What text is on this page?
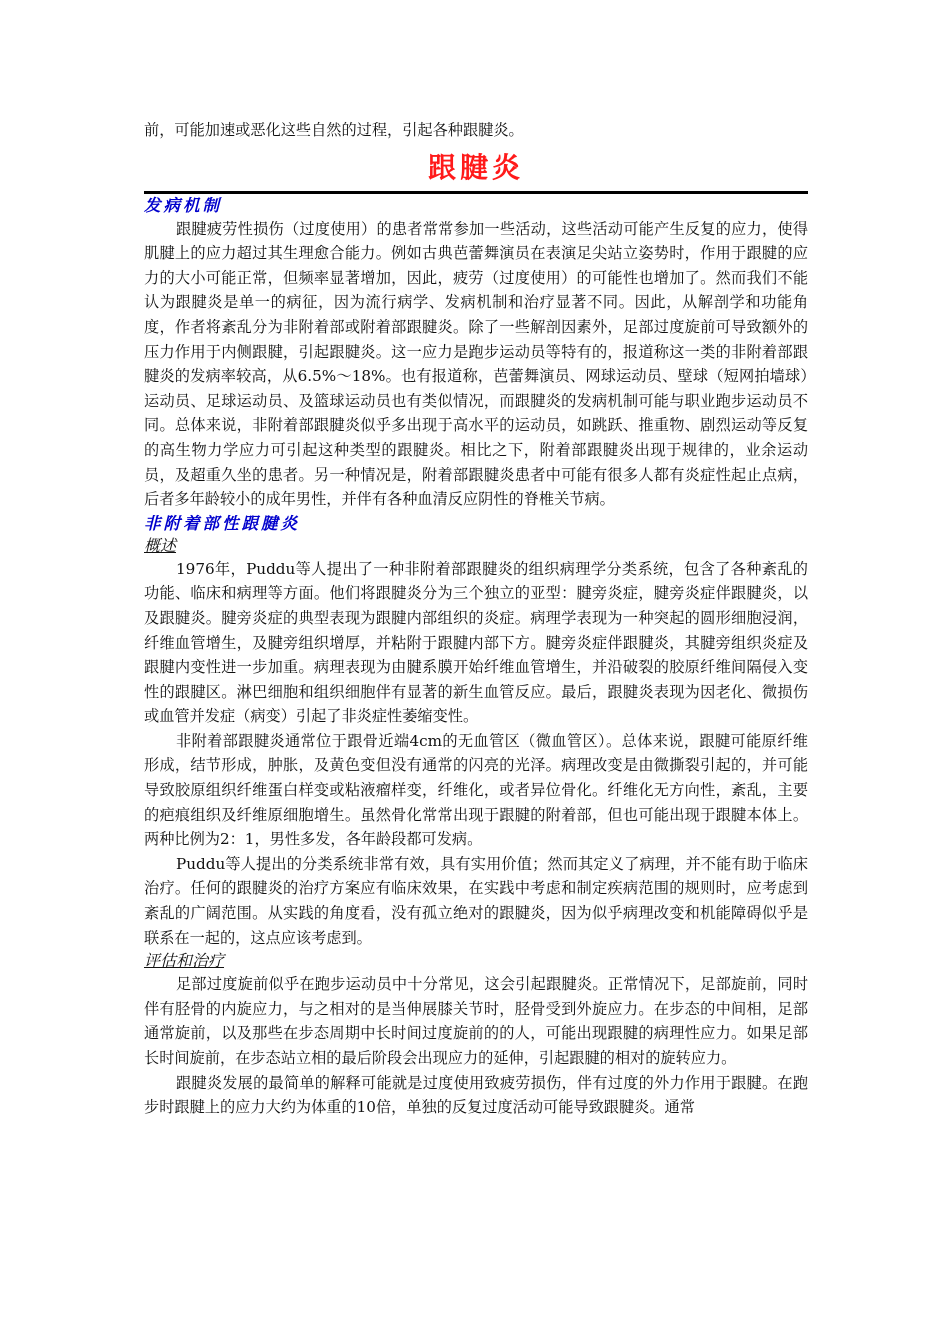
前，可能加速或恶化这些自然的过程，引起各种跟腱炎。

跟腱炎
发病机制

跟腱疲劳性损伤（过度使用）的患者常常参加一些活动，这些活动可能产生反复的应力，使得肌腱上的应力超过其生理愈合能力。例如古典芭蕾舞演员在表演足尖站立姿势时，作用于跟腱的应力的大小可能正常，但频率显著增加，因此，疲劳（过度使用）的可能性也增加了。然而我们不能认为跟腱炎是单一的病征，因为流行病学、发病机制和治疗显著不同。因此，从解剖学和功能角度，作者将紊乱分为非附着部或附着部跟腱炎。除了一些解剖因素外，足部过度旋前可导致额外的压力作用于内侧跟腱，引起跟腱炎。这一应力是跑步运动员等特有的，报道称这一类的非附着部跟腱炎的发病率较高，从6.5%～18%。也有报道称，芭蕾舞演员、网球运动员、壁球（短网拍墙球）运动员、足球运动员、及篮球运动员也有类似情况，而跟腱炎的发病机制可能与职业跑步运动员不同。总体来说，非附着部跟腱炎似乎多出现于高水平的运动员，如跳跃、推重物、剧烈运动等反复的高生物力学应力可引起这种类型的跟腱炎。相比之下，附着部跟腱炎出现于规律的，业余运动员，及超重久坐的患者。另一种情况是，附着部跟腱炎患者中可能有很多人都有炎症性起止点病，后者多年龄较小的成年男性，并伴有各种血清反应阴性的脊椎关节病。

非附着部性跟腱炎
概述

1976年，Puddu等人提出了一种非附着部跟腱炎的组织病理学分类系统，包含了各种紊乱的功能、临床和病理等方面。他们将跟腱炎分为三个独立的亚型：腱旁炎症，腱旁炎症伴跟腱炎，以及跟腱炎。腱旁炎症的典型表现为跟腱内部组织的炎症。病理学表现为一种突起的圆形细胞浸润，纤维血管增生，及腱旁组织增厚，并粘附于跟腱内部下方。腱旁炎症伴跟腱炎，其腱旁组织炎症及跟腱内变性进一步加重。病理表现为由腱系膜开始纤维血管增生，并沿破裂的胶原纤维间隔侵入变性的跟腱区。淋巴细胞和组织细胞伴有显著的新生血管反应。最后，跟腱炎表现为因老化、微损伤或血管并发症（病变）引起了非炎症性萎缩变性。

非附着部跟腱炎通常位于跟骨近端4cm的无血管区（微血管区）。总体来说，跟腱可能原纤维形成，结节形成，肿胀，及黄色变但没有通常的闪亮的光泽。病理改变是由微撕裂引起的，并可能导致胶原组织纤维蛋白样变或粘液瘤样变，纤维化，或者异位骨化。纤维化无方向性，紊乱，主要的疤痕组织及纤维原细胞增生。虽然骨化常常出现于跟腱的附着部，但也可能出现于跟腱本体上。两种比例为2：1，男性多发，各年龄段都可发病。

Puddu等人提出的分类系统非常有效，具有实用价值；然而其定义了病理，并不能有助于临床治疗。任何的跟腱炎的治疗方案应有临床效果，在实践中考虑和制定疾病范围的规则时，应考虑到紊乱的广阔范围。从实践的角度看，没有孤立绝对的跟腱炎，因为似乎病理改变和机能障碍似乎是联系在一起的，这点应该考虑到。

评估和治疗

足部过度旋前似乎在跑步运动员中十分常见，这会引起跟腱炎。正常情况下，足部旋前，同时伴有胫骨的内旋应力，与之相对的是当伸展膝关节时，胫骨受到外旋应力。在步态的中间相，足部通常旋前，以及那些在步态周期中长时间过度旋前的的人，可能出现跟腱的病理性应力。如果足部长时间旋前，在步态站立相的最后阶段会出现应力的延伸，引起跟腱的相对的旋转应力。

跟腱炎发展的最简单的解释可能就是过度使用致疲劳损伤，伴有过度的外力作用于跟腱。在跑步时跟腱上的应力大约为体重的10倍，单独的反复过度活动可能导致跟腱炎。通常
